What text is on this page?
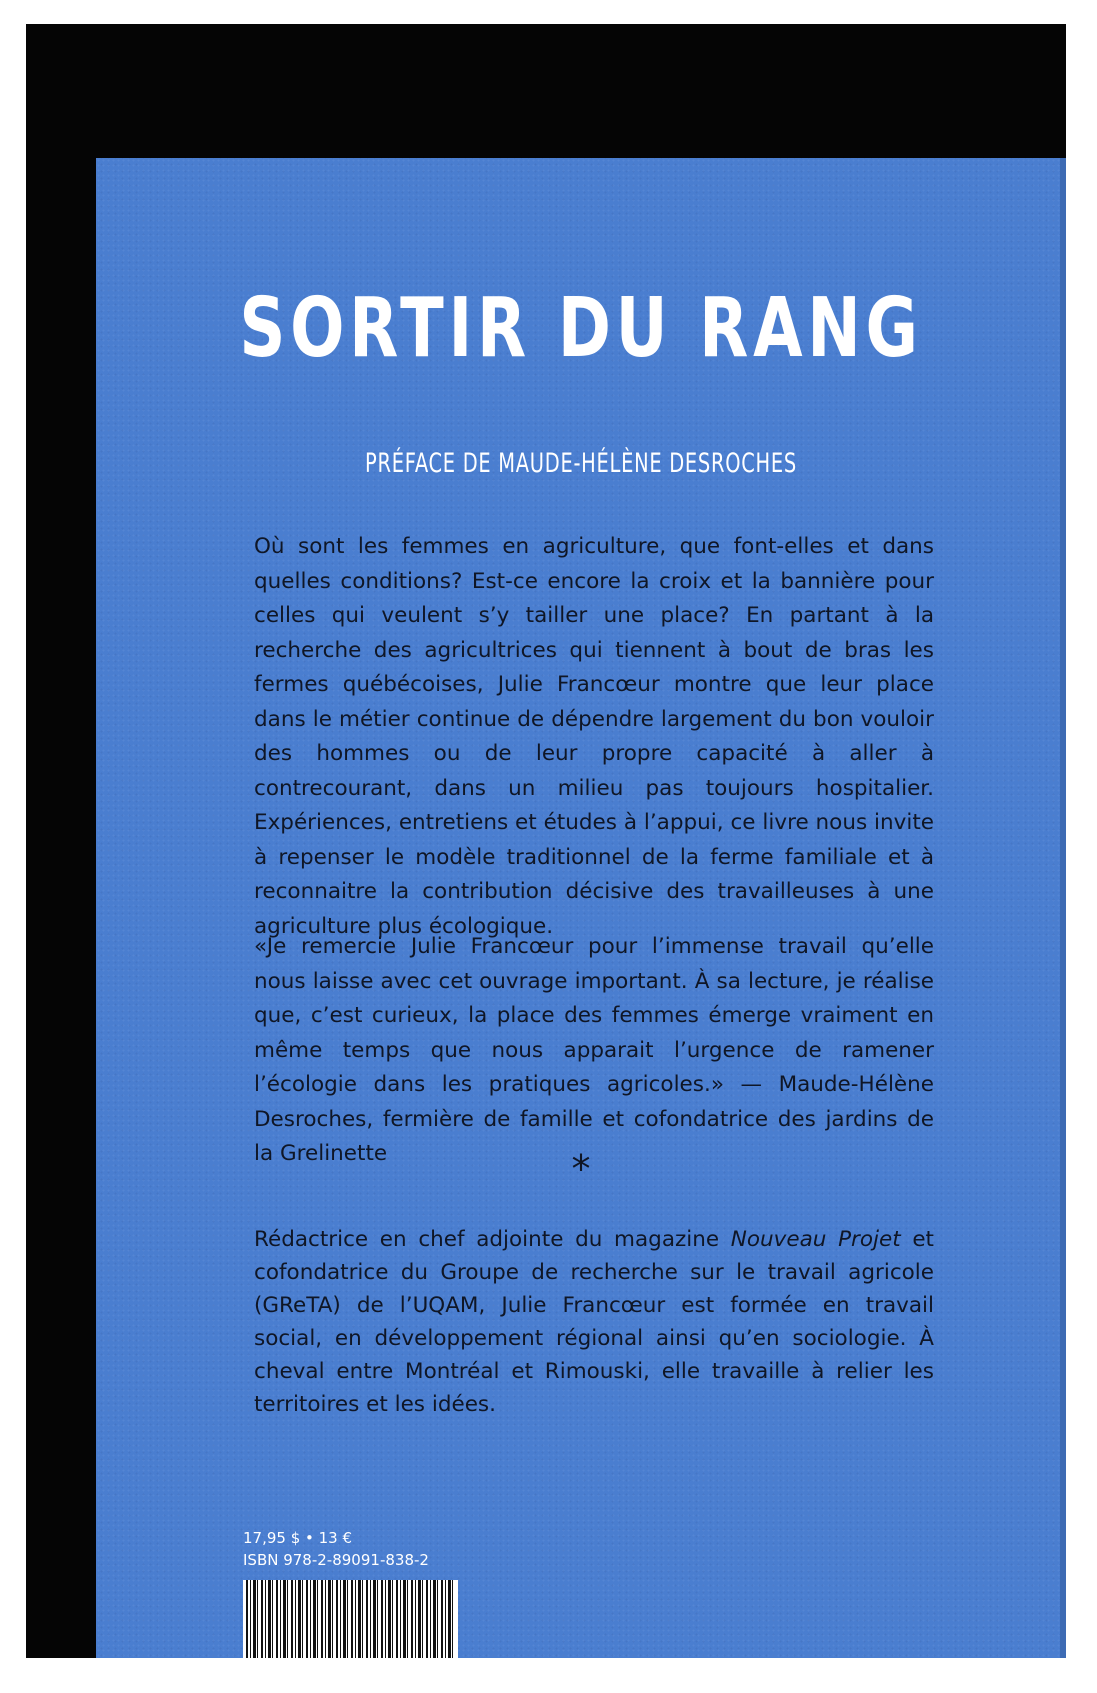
SORTIR DU RANG

PRÉFACE DE MAUDE-HÉLÈNE DESROCHES

Où sont les femmes en agriculture, que font-elles et dans quelles conditions? Est-ce encore la croix et la bannière pour celles qui veulent s’y tailler une place? En partant à la recherche des agricultrices qui tiennent à bout de bras les fermes québécoises, Julie Francœur montre que leur place dans le métier continue de dépendre largement du bon vouloir des hommes ou de leur propre capacité à aller à contrecourant, dans un milieu pas toujours hospitalier. Expériences, entretiens et études à l’appui, ce livre nous invite à repenser le modèle traditionnel de la ferme familiale et à reconnaitre la contribution décisive des travailleuses à une agriculture plus écologique.

«Je remercie Julie Francœur pour l’immense travail qu’elle nous laisse avec cet ouvrage important. À sa lecture, je réalise que, c’est curieux, la place des femmes émerge vraiment en même temps que nous apparait l’urgence de ramener l’écologie dans les pratiques agricoles.» — Maude-Hélène Desroches, fermière de famille et cofondatrice des jardins de la Grelinette	*

Rédactrice en chef adjointe du magazine Nouveau Projet et cofondatrice du Groupe de recherche sur le travail agricole (GReTA) de l’UQAM, Julie Francœur est formée en travail social, en développement régional ainsi qu’en sociologie. À cheval entre Montréal et Rimouski, elle travaille à relier les territoires et les idées.

17,95 $ • 13 €
ISBN 978-2-89091-838-2
